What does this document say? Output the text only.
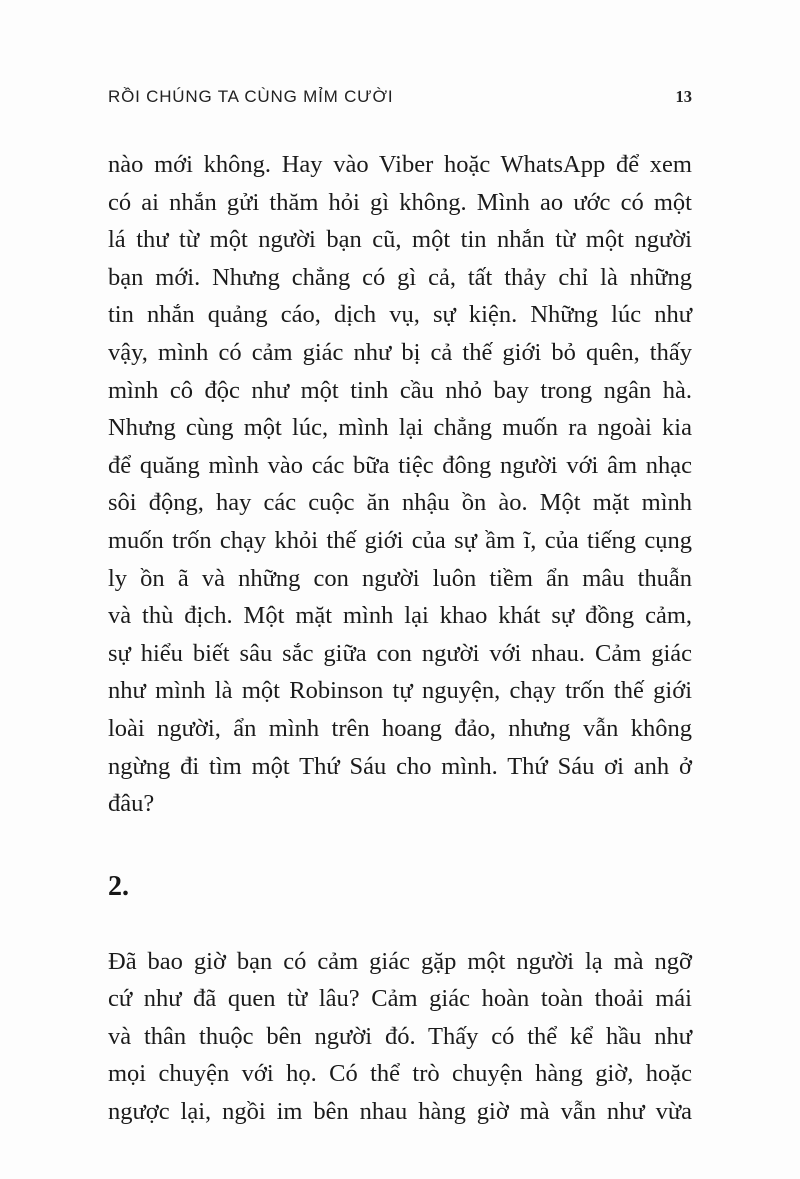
RỒI CHÚNG TA CÙNG MỈM CƯỜI	13
nào mới không. Hay vào Viber hoặc WhatsApp để xem
có ai nhắn gửi thăm hỏi gì không. Mình ao ước có một
lá thư từ một người bạn cũ, một tin nhắn từ một người
bạn mới. Nhưng chẳng có gì cả, tất thảy chỉ là những
tin nhắn quảng cáo, dịch vụ, sự kiện. Những lúc như
vậy, mình có cảm giác như bị cả thế giới bỏ quên, thấy
mình cô độc như một tinh cầu nhỏ bay trong ngân hà.
Nhưng cùng một lúc, mình lại chẳng muốn ra ngoài kia
để quăng mình vào các bữa tiệc đông người với âm nhạc
sôi động, hay các cuộc ăn nhậu ồn ào. Một mặt mình
muốn trốn chạy khỏi thế giới của sự ầm ĩ, của tiếng cụng
ly ồn ã và những con người luôn tiềm ẩn mâu thuẫn
và thù địch. Một mặt mình lại khao khát sự đồng cảm,
sự hiểu biết sâu sắc giữa con người với nhau. Cảm giác
như mình là một Robinson tự nguyện, chạy trốn thế giới
loài người, ẩn mình trên hoang đảo, nhưng vẫn không
ngừng đi tìm một Thứ Sáu cho mình. Thứ Sáu ơi anh ở
đâu?
2.
Đã bao giờ bạn có cảm giác gặp một người lạ mà ngỡ
cứ như đã quen từ lâu? Cảm giác hoàn toàn thoải mái
và thân thuộc bên người đó. Thấy có thể kể hầu như
mọi chuyện với họ. Có thể trò chuyện hàng giờ, hoặc
ngược lại, ngồi im bên nhau hàng giờ mà vẫn như vừa
